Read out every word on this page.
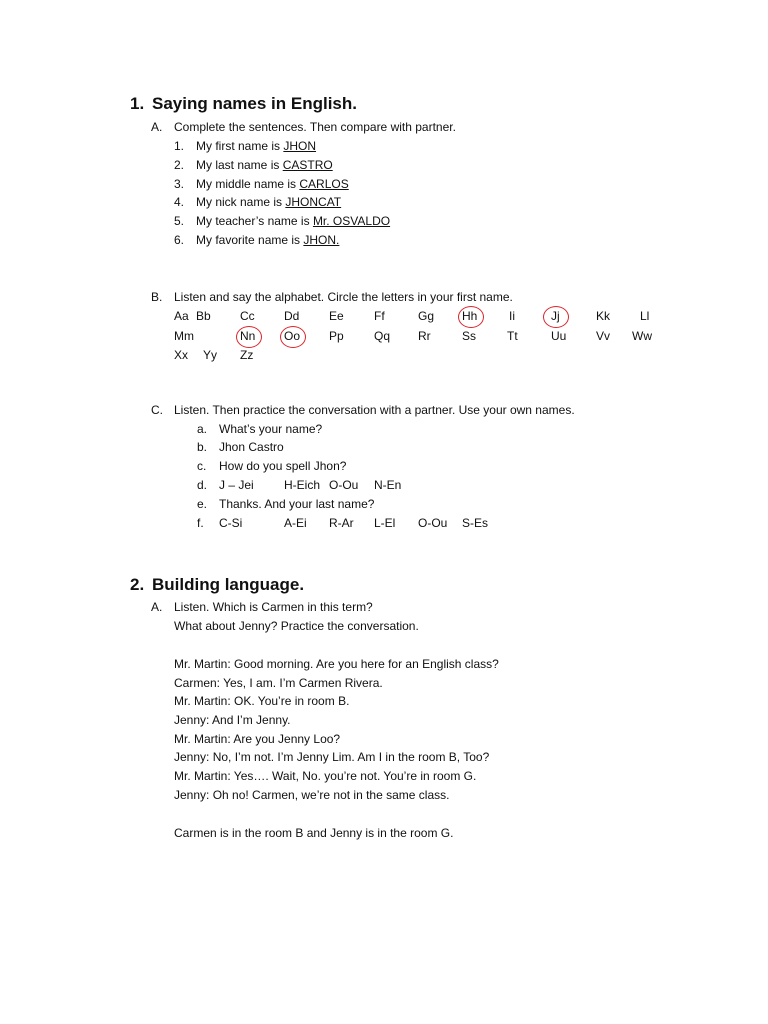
1. Saying names in English.
A. Complete the sentences. Then compare with partner.
1. My first name is JHON
2. My last name is CASTRO
3. My middle name is CARLOS
4. My nick name is JHONCAT
5. My teacher’s name is Mr. OSVALDO
6. My favorite name is JHON.
B. Listen and say the alphabet. Circle the letters in your first name.
Aa Bb Cc Dd Ee	Ff	Gg Hh	Ii	Jj	Kk Ll
Mm	Nn Oo Pp	Qq Rr	Ss	Tt	Uu Vv Ww
Xx Yy Zz
C. Listen. Then practice the conversation with a partner. Use your own names.
a. What’s your name?
b. Jhon Castro
c. How do you spell Jhon?
d. J – Jei	H-Eich O-Ou N-En
e. Thanks. And your last name?
f. C-Si	A-Ei R-Ar L-El O-Ou S-Es
2. Building language.
A. Listen. Which is Carmen in this term?
What about Jenny? Practice the conversation.
Mr. Martin: Good morning. Are you here for an English class?
Carmen: Yes, I am. I’m Carmen Rivera.
Mr. Martin: OK. You’re in room B.
Jenny: And I’m Jenny.
Mr. Martin: Are you Jenny Loo?
Jenny: No, I’m not. I’m Jenny Lim. Am I in the room B, Too?
Mr. Martin: Yes…. Wait, No. you’re not. You’re in room G.
Jenny: Oh no! Carmen, we’re not in the same class.
Carmen is in the room B and Jenny is in the room G.
